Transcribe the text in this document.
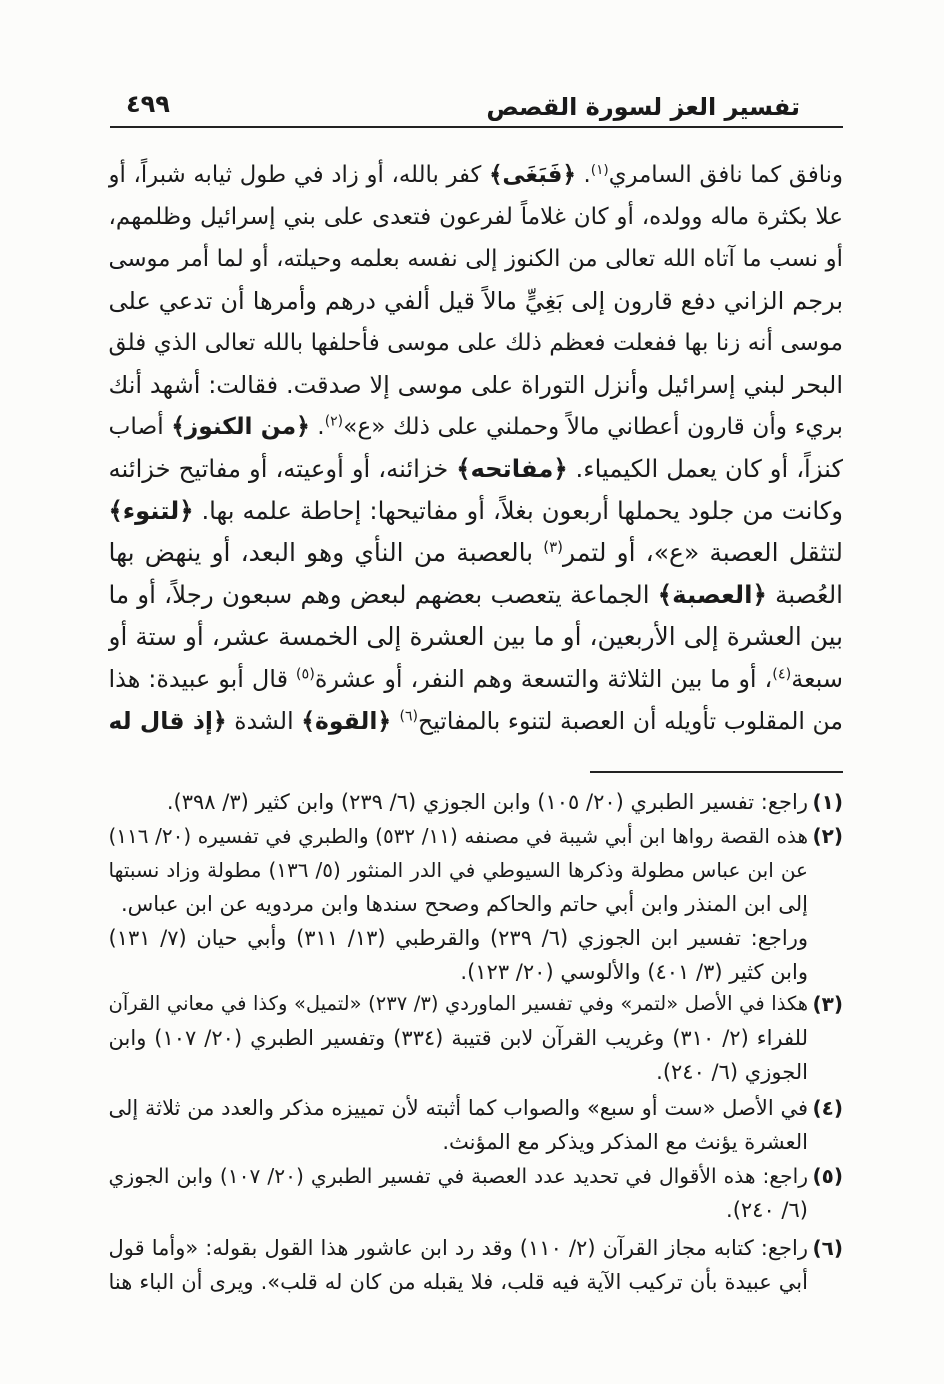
تفسير العز لسورة القصص
٤٩٩
ونافق كما نافق السامري$^{(١)}$. ﴿فَبَغَى﴾ كفر بالله، أو زاد في طول ثيابه شبراً، أو
علا بكثرة ماله وولده، أو كان غلاماً لفرعون فتعدى على بني إسرائيل وظلمهم،
أو نسب ما آتاه الله تعالى من الكنوز إلى نفسه بعلمه وحيلته، أو لما أمر موسى
برجم الزاني دفع قارون إلى بَغِيٍّ مالاً قيل ألفي درهم وأمرها أن تدعي على
موسى أنه زنا بها ففعلت فعظم ذلك على موسى فأحلفها بالله تعالى الذي فلق
البحر لبني إسرائيل وأنزل التوراة على موسى إلا صدقت. فقالت: أشهد أنك
بريء وأن قارون أعطاني مالاً وحملني على ذلك «ع»$^{(٢)}$. ﴿من الكنوز﴾ أصاب
كنزاً، أو كان يعمل الكيمياء. ﴿مفاتحه﴾ خزائنه، أو أوعيته، أو مفاتيح خزائنه
وكانت من جلود يحملها أربعون بغلاً، أو مفاتيحها: إحاطة علمه بها. ﴿لتنوء﴾
لتثقل العصبة «ع»، أو لتمر$^{(٣)}$ بالعصبة من النأي وهو البعد، أو ينهض بها
العُصبة ﴿العصبة﴾ الجماعة يتعصب بعضهم لبعض وهم سبعون رجلاً، أو ما
بين العشرة إلى الأربعين، أو ما بين العشرة إلى الخمسة عشر، أو ستة أو
سبعة$^{(٤)}$، أو ما بين الثلاثة والتسعة وهم النفر، أو عشرة$^{(٥)}$ قال أبو عبيدة: هذا
من المقلوب تأويله أن العصبة لتنوء بالمفاتيح$^{(٦)}$ ﴿القوة﴾ الشدة ﴿إذ قال له
(١)
راجع: تفسير الطبري (٢٠/ ١٠٥) وابن الجوزي (٦/ ٢٣٩) وابن كثير (٣/ ٣٩٨).
(٢)
هذه القصة رواها ابن أبي شيبة في مصنفه (١١/ ٥٣٢) والطبري في تفسيره (٢٠/ ١١٦)
عن ابن عباس مطولة وذكرها السيوطي في الدر المنثور (٥/ ١٣٦) مطولة وزاد نسبتها
إلى ابن المنذر وابن أبي حاتم والحاكم وصحح سندها وابن مردويه عن ابن عباس.
وراجع: تفسير ابن الجوزي (٦/ ٢٣٩) والقرطبي (١٣/ ٣١١) وأبي حيان (٧/ ١٣١)
وابن كثير (٣/ ٤٠١) والألوسي (٢٠/ ١٢٣).
(٣)
هكذا في الأصل «لتمر» وفي تفسير الماوردي (٣/ ٢٣٧) «لتميل» وكذا في معاني القرآن
للفراء (٢/ ٣١٠) وغريب القرآن لابن قتيبة (٣٣٤) وتفسير الطبري (٢٠/ ١٠٧) وابن
الجوزي (٦/ ٢٤٠).
(٤)
في الأصل «ست أو سبع» والصواب كما أثبته لأن تمييزه مذكر والعدد من ثلاثة إلى
العشرة يؤنث مع المذكر ويذكر مع المؤنث.
(٥)
راجع: هذه الأقوال في تحديد عدد العصبة في تفسير الطبري (٢٠/ ١٠٧) وابن الجوزي
(٦/ ٢٤٠).
(٦)
راجع: كتابه مجاز القرآن (٢/ ١١٠) وقد رد ابن عاشور هذا القول بقوله: «وأما قول
أبي عبيدة بأن تركيب الآية فيه قلب، فلا يقبله من كان له قلب». ويرى أن الباء هنا
